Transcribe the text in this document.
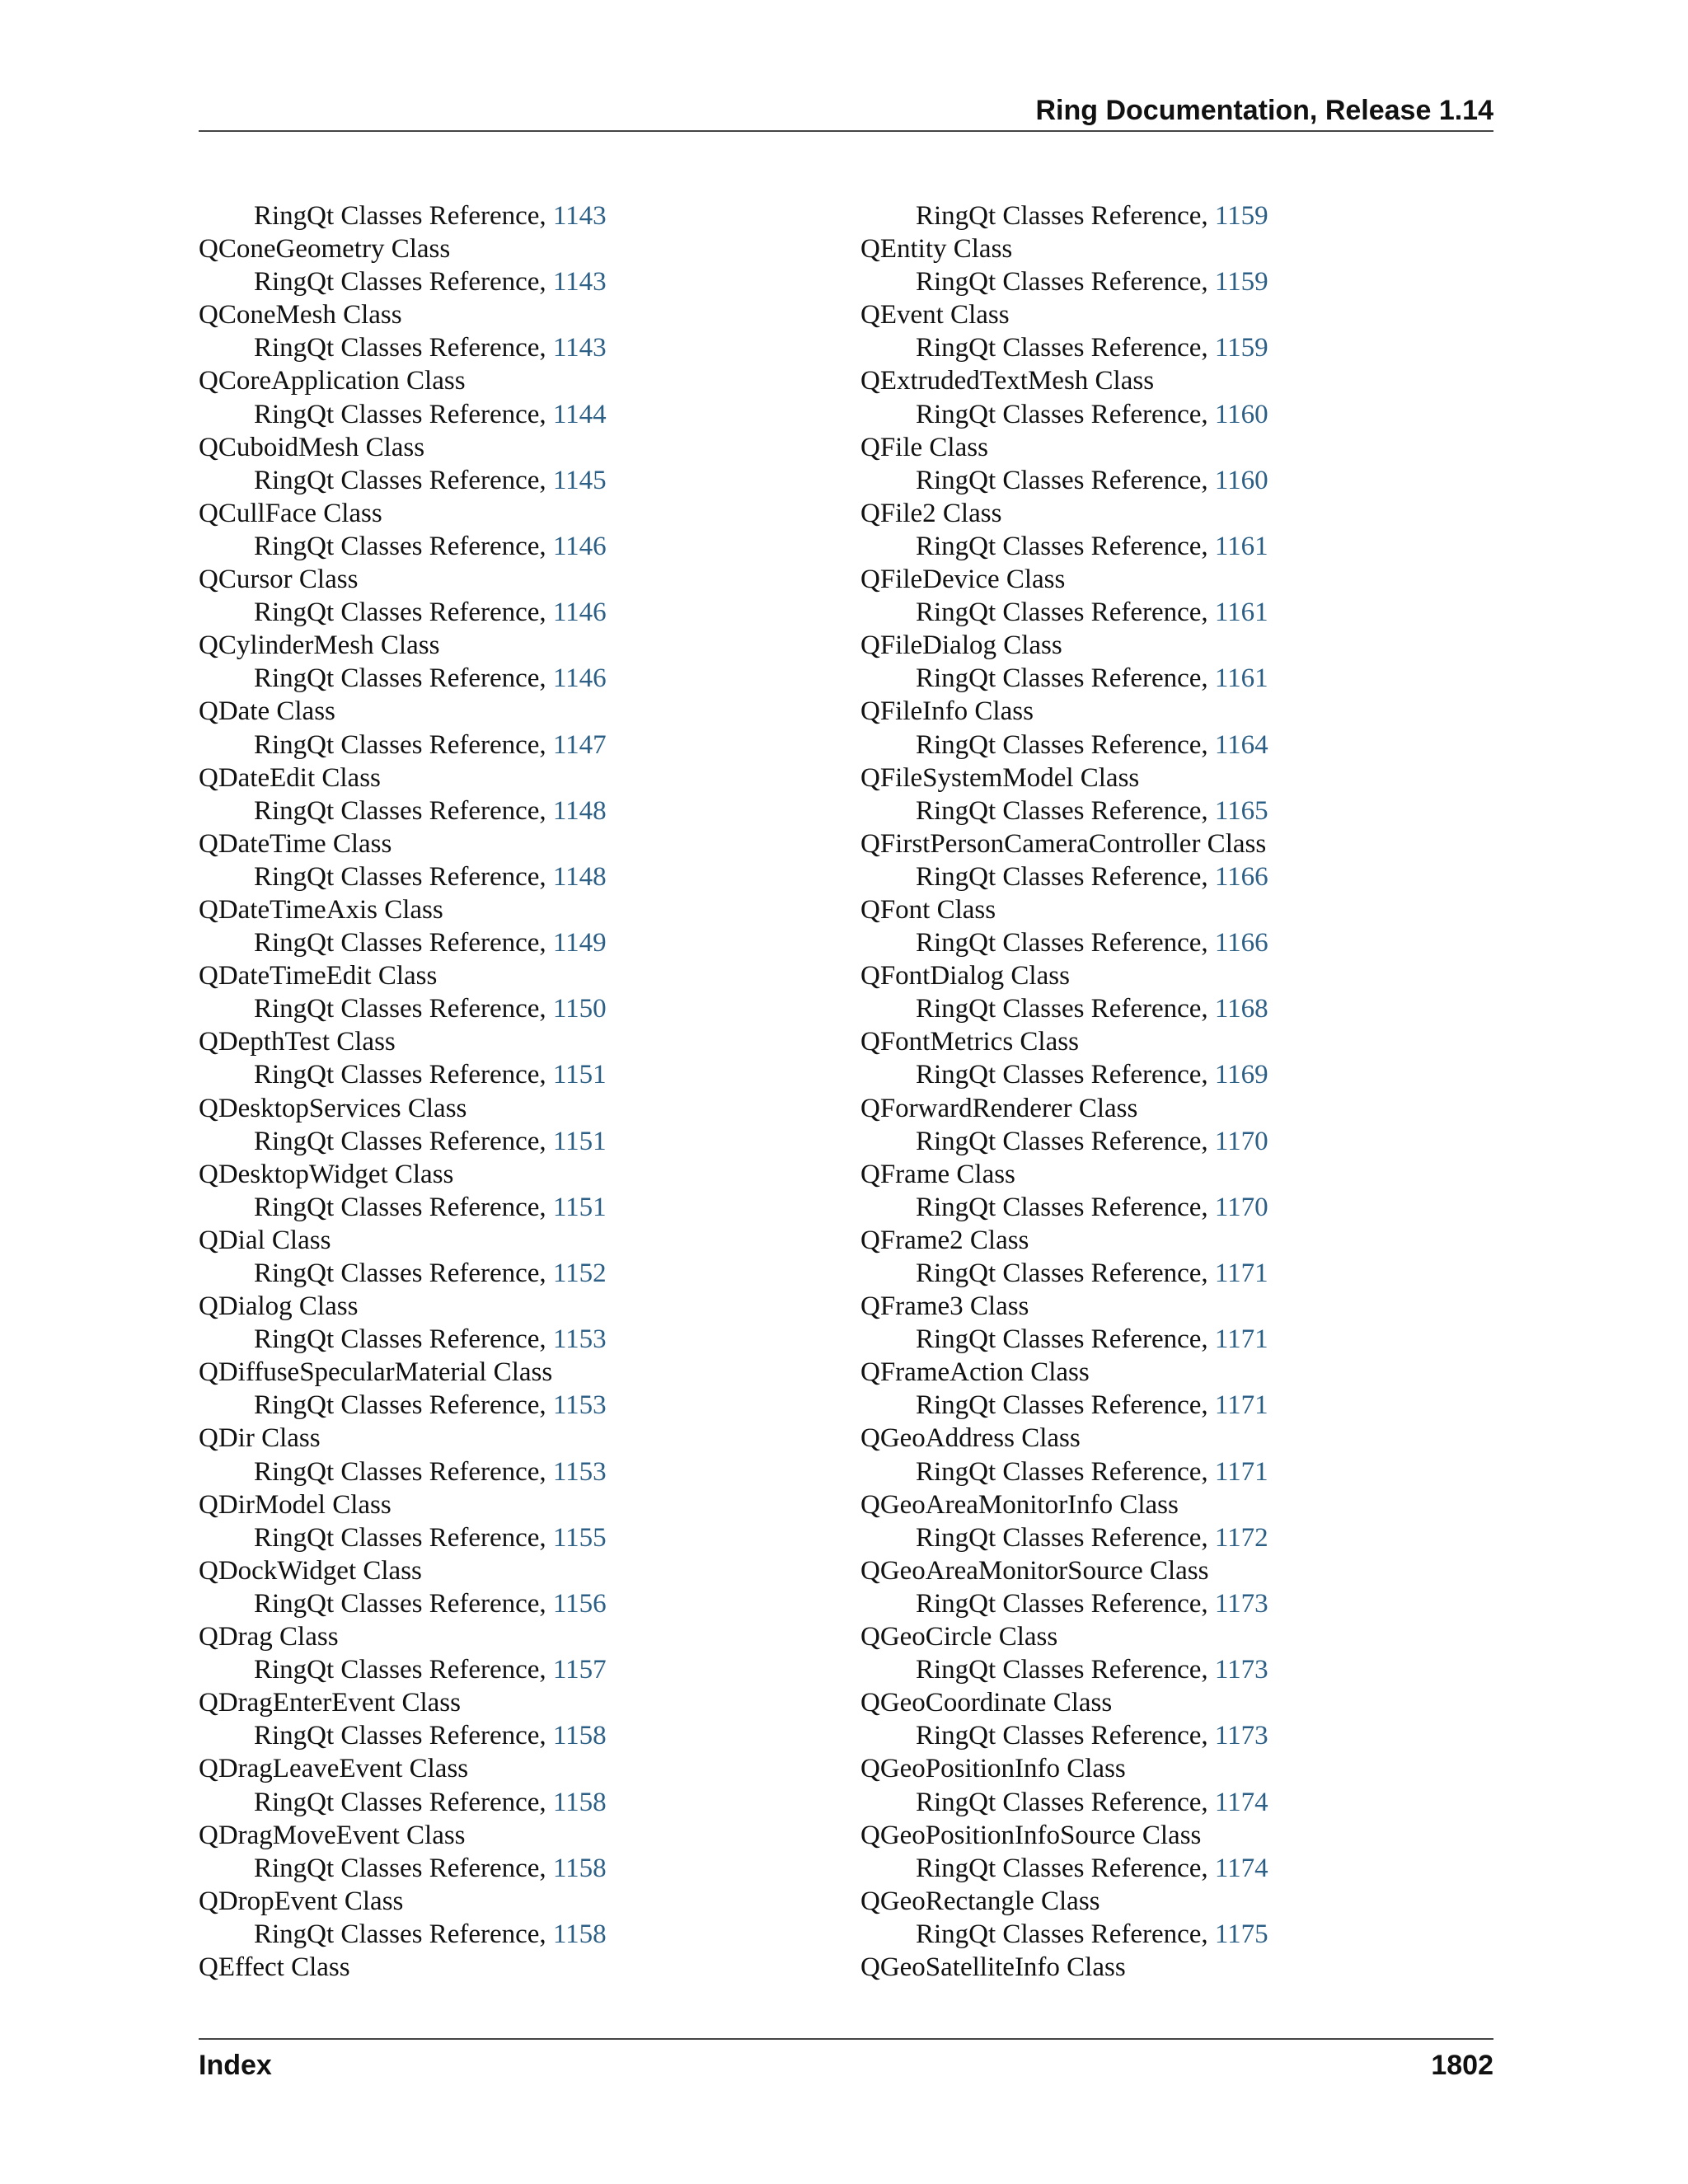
Ring Documentation, Release 1.14
RingQt Classes Reference, 1143
QConeGeometry Class
RingQt Classes Reference, 1143
QConeMesh Class
RingQt Classes Reference, 1143
QCoreApplication Class
RingQt Classes Reference, 1144
QCuboidMesh Class
RingQt Classes Reference, 1145
QCullFace Class
RingQt Classes Reference, 1146
QCursor Class
RingQt Classes Reference, 1146
QCylinderMesh Class
RingQt Classes Reference, 1146
QDate Class
RingQt Classes Reference, 1147
QDateEdit Class
RingQt Classes Reference, 1148
QDateTime Class
RingQt Classes Reference, 1148
QDateTimeAxis Class
RingQt Classes Reference, 1149
QDateTimeEdit Class
RingQt Classes Reference, 1150
QDepthTest Class
RingQt Classes Reference, 1151
QDesktopServices Class
RingQt Classes Reference, 1151
QDesktopWidget Class
RingQt Classes Reference, 1151
QDial Class
RingQt Classes Reference, 1152
QDialog Class
RingQt Classes Reference, 1153
QDiffuseSpecularMaterial Class
RingQt Classes Reference, 1153
QDir Class
RingQt Classes Reference, 1153
QDirModel Class
RingQt Classes Reference, 1155
QDockWidget Class
RingQt Classes Reference, 1156
QDrag Class
RingQt Classes Reference, 1157
QDragEnterEvent Class
RingQt Classes Reference, 1158
QDragLeaveEvent Class
RingQt Classes Reference, 1158
QDragMoveEvent Class
RingQt Classes Reference, 1158
QDropEvent Class
RingQt Classes Reference, 1158
QEffect Class
RingQt Classes Reference, 1159
QEntity Class
RingQt Classes Reference, 1159
QEvent Class
RingQt Classes Reference, 1159
QExtrudedTextMesh Class
RingQt Classes Reference, 1160
QFile Class
RingQt Classes Reference, 1160
QFile2 Class
RingQt Classes Reference, 1161
QFileDevice Class
RingQt Classes Reference, 1161
QFileDialog Class
RingQt Classes Reference, 1161
QFileInfo Class
RingQt Classes Reference, 1164
QFileSystemModel Class
RingQt Classes Reference, 1165
QFirstPersonCameraController Class
RingQt Classes Reference, 1166
QFont Class
RingQt Classes Reference, 1166
QFontDialog Class
RingQt Classes Reference, 1168
QFontMetrics Class
RingQt Classes Reference, 1169
QForwardRenderer Class
RingQt Classes Reference, 1170
QFrame Class
RingQt Classes Reference, 1170
QFrame2 Class
RingQt Classes Reference, 1171
QFrame3 Class
RingQt Classes Reference, 1171
QFrameAction Class
RingQt Classes Reference, 1171
QGeoAddress Class
RingQt Classes Reference, 1171
QGeoAreaMonitorInfo Class
RingQt Classes Reference, 1172
QGeoAreaMonitorSource Class
RingQt Classes Reference, 1173
QGeoCircle Class
RingQt Classes Reference, 1173
QGeoCoordinate Class
RingQt Classes Reference, 1173
QGeoPositionInfo Class
RingQt Classes Reference, 1174
QGeoPositionInfoSource Class
RingQt Classes Reference, 1174
QGeoRectangle Class
RingQt Classes Reference, 1175
QGeoSatelliteInfo Class
Index	1802
